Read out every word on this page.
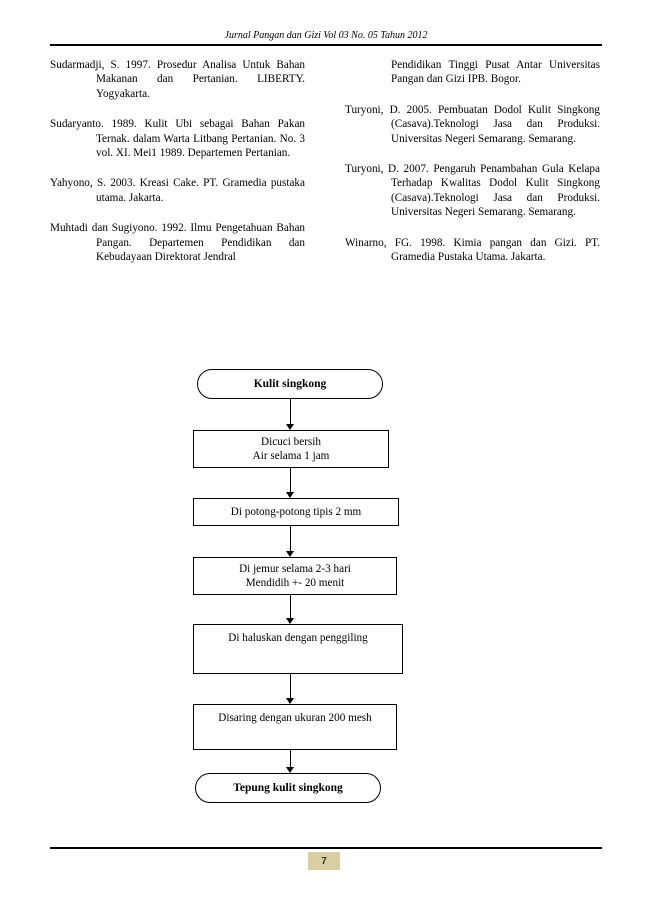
Jurnal Pangan dan Gizi Vol 03 No. 05 Tahun 2012

Sudarmadji, S. 1997. Prosedur Analisa Untuk Bahan Makanan dan Pertanian. LIBERTY. Yogyakarta.

Sudaryanto. 1989. Kulit Ubi sebagai Bahan Pakan Ternak. dalam Warta Litbang Pertanian. No. 3 vol. XI. Mei1 1989. Departemen Pertanian.

Yahyono, S. 2003. Kreasi Cake. PT. Gramedia pustaka utama. Jakarta.

Muhtadi dan Sugiyono. 1992. Ilmu Pengetahuan Bahan Pangan. Departemen Pendidikan dan Kebudayaan Direktorat Jendral

Pendidikan Tinggi Pusat Antar Universitas Pangan dan Gizi IPB. Bogor.

Turyoni, D. 2005. Pembuatan Dodol Kulit Singkong (Casava).Teknologi Jasa dan Produksi. Universitas Negeri Semarang. Semarang.

Turyoni, D. 2007. Pengaruh Penambahan Gula Kelapa Terhadap Kwalitas Dodol Kulit Singkong (Casava).Teknologi Jasa dan Produksi. Universitas Negeri Semarang. Semarang.

Winarno, FG. 1998. Kimia pangan dan Gizi. PT. Gramedia Pustaka Utama. Jakarta.

Kulit singkong
Dicuci bersih
Air selama 1 jam
Di potong-potong tipis 2 mm
Di jemur selama 2-3 hari
Mendidih +- 20 menit
Di haluskan dengan penggiling
Disaring dengan ukuran 200 mesh
Tepung kulit singkong
7
